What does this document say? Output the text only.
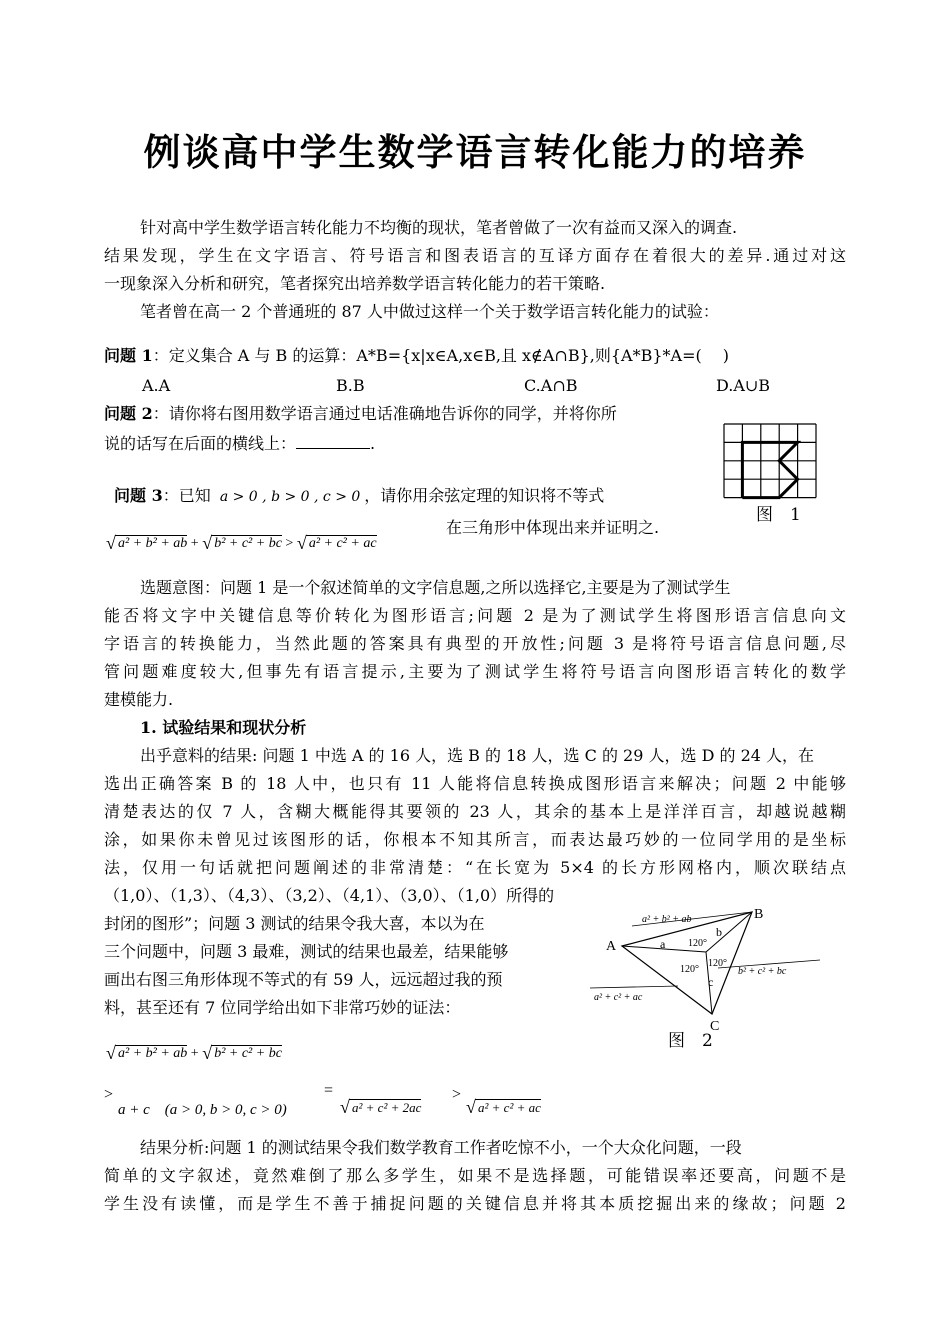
例谈高中学生数学语言转化能力的培养
针对高中学生数学语言转化能力不均衡的现状，笔者曾做了一次有益而又深入的调查.
结果发现，学生在文字语言、符号语言和图表语言的互译方面存在着很大的差异.通过对这
一现象深入分析和研究，笔者探究出培养数学语言转化能力的若干策略.
笔者曾在高一 2 个普通班的 87 人中做过这样一个关于数学语言转化能力的试验：
问题 1：定义集合 A 与 B 的运算：A*B={x|x∈A,x∈B,且 x∉A∩B},则{A*B}*A=(　 )
A.A	B.B	C.A∩B	D.A∪B
问题 2：请你将右图用数学语言通过电话准确地告诉你的同学，并将你所
说的话写在后面的横线上：	.
图　1
问题 3：已知 a > 0 , b > 0 , c > 0 ，请你用余弦定理的知识将不等式
√ a² + b² + ab + √ b² + c² + bc > √ a² + c² + ac
在三角形中体现出来并证明之.
选题意图：问题 1 是一个叙述简单的文字信息题,之所以选择它,主要是为了测试学生
能否将文字中关键信息等价转化为图形语言;问题 2 是为了测试学生将图形语言信息向文
字语言的转换能力，当然此题的答案具有典型的开放性;问题 3 是将符号语言信息问题,尽
管问题难度较大,但事先有语言提示,主要为了测试学生将符号语言向图形语言转化的数学
建模能力.
1. 试验结果和现状分析
出乎意料的结果: 问题 1 中选 A 的 16 人，选 B 的 18 人，选 C 的 29 人，选 D 的 24 人，在
选出正确答案 B 的 18 人中，也只有 11 人能将信息转换成图形语言来解决；问题 2 中能够
清楚表达的仅 7 人，含糊大概能得其要领的 23 人，其余的基本上是洋洋百言，却越说越糊
涂，如果你未曾见过该图形的话，你根本不知其所言，而表达最巧妙的一位同学用的是坐标
法，仅用一句话就把问题阐述的非常清楚：“在长宽为 5×4 的长方形网格内，顺次联结点
（1,0）、（1,3）、（4,3）、（3,2）、（4,1）、（3,0）、（1,0）所得的
封闭的图形”；问题 3 测试的结果令我大喜，本以为在
三个问题中，问题 3 最难，测试的结果也最差，结果能够
画出右图三角形体现不等式的有 59 人，远远超过我的预
料，甚至还有 7 位同学给出如下非常巧妙的证法：
A
B
C
a
b
c
120°
120°
120°
a² + b² + ab
b² + c² + bc
a² + c² + ac
图　2
√ a² + b² + ab + √ b² + c² + bc
>
a + c　(a > 0, b > 0, c > 0)
=
√ a² + c² + 2ac
>
√ a² + c² + ac
结果分析:问题 1 的测试结果令我们数学教育工作者吃惊不小，一个大众化问题，一段
简单的文字叙述，竟然难倒了那么多学生，如果不是选择题，可能错误率还要高，问题不是
学生没有读懂，而是学生不善于捕捉问题的关键信息并将其本质挖掘出来的缘故；问题 2
